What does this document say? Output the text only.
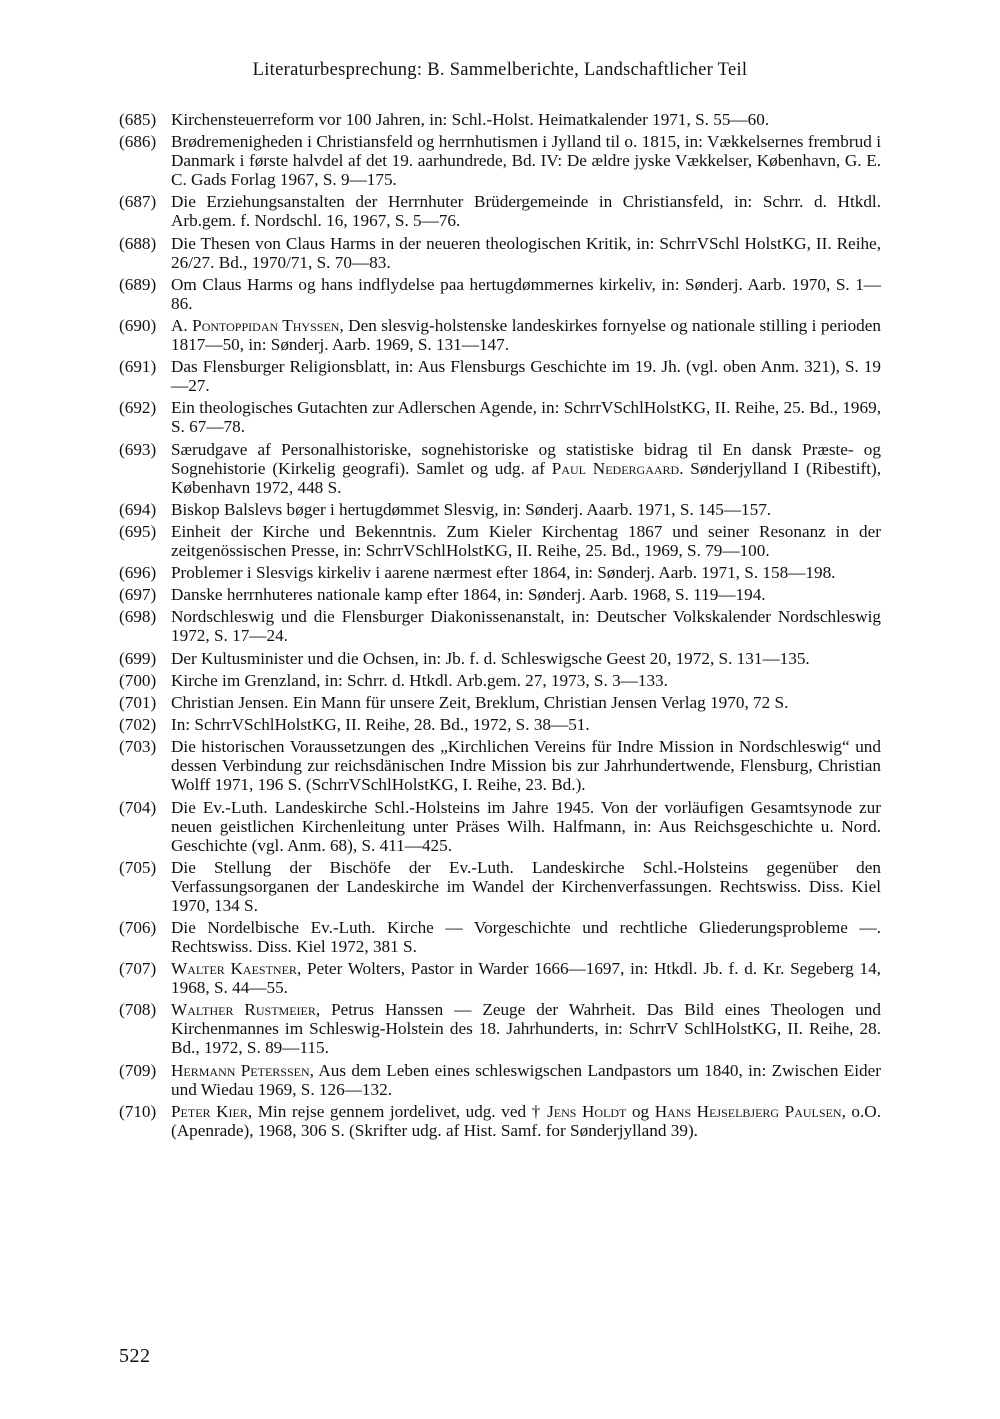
Literaturbesprechung: B. Sammelberichte, Landschaftlicher Teil
(685) Kirchensteuerreform vor 100 Jahren, in: Schl.-Holst. Heimatkalender 1971, S. 55—60.
(686) Brødremenigheden i Christiansfeld og herrnhutismen i Jylland til o. 1815, in: Vækkelsernes frembrud i Danmark i første halvdel af det 19. aarhundrede, Bd. IV: De ældre jyske Vækkelser, København, G. E. C. Gads Forlag 1967, S. 9—175.
(687) Die Erziehungsanstalten der Herrnhuter Brüdergemeinde in Christiansfeld, in: Schrr. d. Htkdl. Arb.gem. f. Nordschl. 16, 1967, S. 5—76.
(688) Die Thesen von Claus Harms in der neueren theologischen Kritik, in: SchrrVSchl HolstKG, II. Reihe, 26/27. Bd., 1970/71, S. 70—83.
(689) Om Claus Harms og hans indflydelse paa hertugdømmernes kirkeliv, in: Sønderj. Aarb. 1970, S. 1—86.
(690) A. Pontoppidan Thyssen, Den slesvig-holstenske landeskirkes fornyelse og nationale stilling i perioden 1817—50, in: Sønderj. Aarb. 1969, S. 131—147.
(691) Das Flensburger Religionsblatt, in: Aus Flensburgs Geschichte im 19. Jh. (vgl. oben Anm. 321), S. 19—27.
(692) Ein theologisches Gutachten zur Adlerschen Agende, in: SchrrVSchlHolstKG, II. Reihe, 25. Bd., 1969, S. 67—78.
(693) Særudgave af Personalhistoriske, sognehistoriske og statistiske bidrag til En dansk Præste- og Sognehistorie (Kirkelig geografi). Samlet og udg. af Paul Nedergaard. Sønderjylland I (Ribestift), København 1972, 448 S.
(694) Biskop Balslevs bøger i hertugdømmet Slesvig, in: Sønderj. Aaarb. 1971, S. 145—157.
(695) Einheit der Kirche und Bekenntnis. Zum Kieler Kirchentag 1867 und seiner Resonanz in der zeitgenössischen Presse, in: SchrrVSchlHolstKG, II. Reihe, 25. Bd., 1969, S. 79—100.
(696) Problemer i Slesvigs kirkeliv i aarene nærmest efter 1864, in: Sønderj. Aarb. 1971, S. 158—198.
(697) Danske herrnhuteres nationale kamp efter 1864, in: Sønderj. Aarb. 1968, S. 119—194.
(698) Nordschleswig und die Flensburger Diakonissenanstalt, in: Deutscher Volkskalender Nordschleswig 1972, S. 17—24.
(699) Der Kultusminister und die Ochsen, in: Jb. f. d. Schleswigsche Geest 20, 1972, S. 131—135.
(700) Kirche im Grenzland, in: Schrr. d. Htkdl. Arb.gem. 27, 1973, S. 3—133.
(701) Christian Jensen. Ein Mann für unsere Zeit, Breklum, Christian Jensen Verlag 1970, 72 S.
(702) In: SchrrVSchlHolstKG, II. Reihe, 28. Bd., 1972, S. 38—51.
(703) Die historischen Voraussetzungen des „Kirchlichen Vereins für Indre Mission in Nordschleswig“ und dessen Verbindung zur reichsdänischen Indre Mission bis zur Jahrhundertwende, Flensburg, Christian Wolff 1971, 196 S. (SchrrVSchlHolstKG, I. Reihe, 23. Bd.).
(704) Die Ev.-Luth. Landeskirche Schl.-Holsteins im Jahre 1945. Von der vorläufigen Gesamtsynode zur neuen geistlichen Kirchenleitung unter Präses Wilh. Halfmann, in: Aus Reichsgeschichte u. Nord. Geschichte (vgl. Anm. 68), S. 411—425.
(705) Die Stellung der Bischöfe der Ev.-Luth. Landeskirche Schl.-Holsteins gegenüber den Verfassungsorganen der Landeskirche im Wandel der Kirchenverfassungen. Rechtswiss. Diss. Kiel 1970, 134 S.
(706) Die Nordelbische Ev.-Luth. Kirche — Vorgeschichte und rechtliche Gliederungsprobleme —. Rechtswiss. Diss. Kiel 1972, 381 S.
(707) Walter Kaestner, Peter Wolters, Pastor in Warder 1666—1697, in: Htkdl. Jb. f. d. Kr. Segeberg 14, 1968, S. 44—55.
(708) Walther Rustmeier, Petrus Hanssen — Zeuge der Wahrheit. Das Bild eines Theologen und Kirchenmannes im Schleswig-Holstein des 18. Jahrhunderts, in: SchrrV SchlHolstKG, II. Reihe, 28. Bd., 1972, S. 89—115.
(709) Hermann Peterssen, Aus dem Leben eines schleswigschen Landpastors um 1840, in: Zwischen Eider und Wiedau 1969, S. 126—132.
(710) Peter Kier, Min rejse gennem jordelivet, udg. ved † Jens Holdt og Hans Hejselbjerg Paulsen, o.O. (Apenrade), 1968, 306 S. (Skrifter udg. af Hist. Samf. for Sønderjylland 39).
522
